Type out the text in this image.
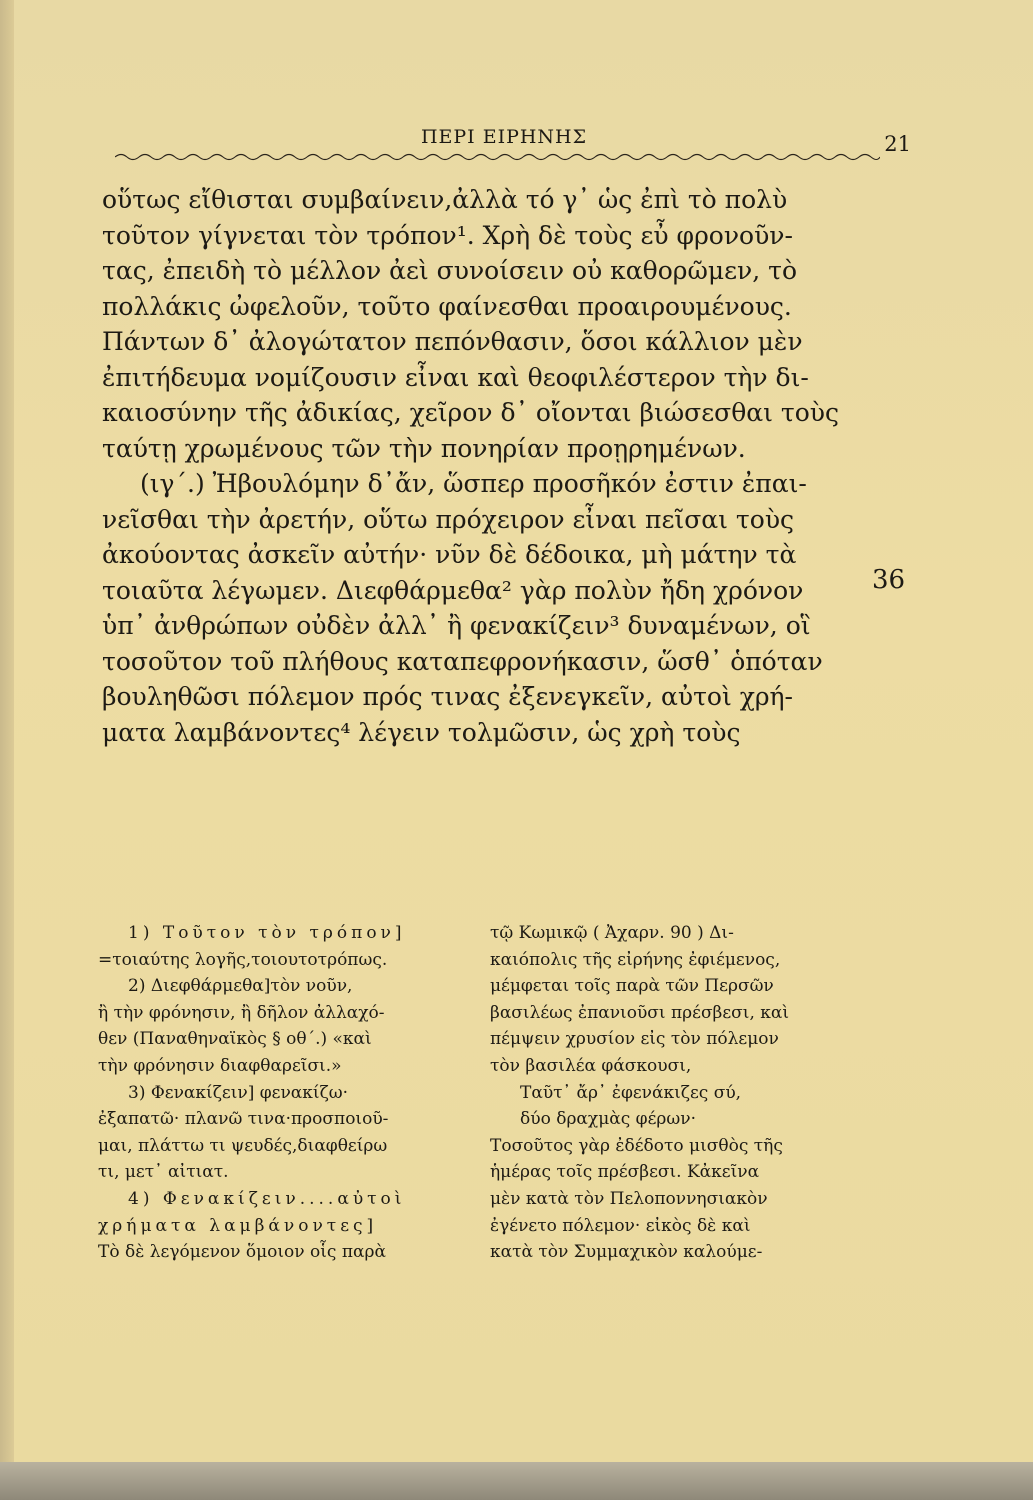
ΠΕΡΙ ΕΙΡΗΝΗΣ	21
οὕτως εἴθισται συμβαίνειν,ἀλλὰ τό γ᾿ ὡς ἐπὶ τὸ πολὺ
τοῦτον γίγνεται τὸν τρόπον¹. Χρὴ δὲ τοὺς εὖ φρονοῦν-
τας, ἐπειδὴ τὸ μέλλον ἀεὶ συνοίσειν οὐ καθορῶμεν, τὸ
πολλάκις ὠφελοῦν, τοῦτο φαίνεσθαι προαιρουμένους.
Πάντων δ᾿ ἀλογώτατον πεπόνθασιν, ὅσοι κάλλιον μὲν
ἐπιτήδευμα νομίζουσιν εἶναι καὶ θεοφιλέστερον τὴν δι-
καιοσύνην τῆς ἀδικίας, χεῖρον δ᾿ οἴονται βιώσεσθαι τοὺς
ταύτῃ χρωμένους τῶν τὴν πονηρίαν προῃρημένων.
(ιγ´.) Ἠβουλόμην δ᾿ἄν, ὥσπερ προσῆκόν ἐστιν ἐπαι-
νεῖσθαι τὴν ἀρετήν, οὕτω πρόχειρον εἶναι πεῖσαι τοὺς
ἀκούοντας ἀσκεῖν αὐτήν· νῦν δὲ δέδοικα, μὴ μάτην τὰ
τοιαῦτα λέγωμεν. Διεφθάρμεθα² γὰρ πολὺν ἤδη χρόνον
ὑπ᾿ ἀνθρώπων οὐδὲν ἀλλ᾿ ἢ φενακίζειν³ δυναμένων, οἳ
τοσοῦτον τοῦ πλήθους καταπεφρονήκασιν, ὥσθ᾿ ὁπόταν
βουληθῶσι πόλεμον πρός τινας ἐξενεγκεῖν, αὐτοὶ χρή-
ματα λαμβάνοντες⁴ λέγειν τολμῶσιν, ὡς χρὴ τοὺς
36
1) Τοῦτον τὸν τρόπον]
=τοιαύτης λογῆς,τοιουτοτρόπως.
2) Διεφθάρμεθα]τὸν νοῦν,
ἢ τὴν φρόνησιν, ἢ δῆλον ἀλλαχό-
θεν (Παναθηναϊκὸς § οθ´.) «καὶ
τὴν φρόνησιν διαφθαρεῖσι.»
3) Φενακίζειν] φενακίζω·
ἐξαπατῶ· πλανῶ τινα·προσποιοῦ-
μαι, πλάττω τι ψευδές,διαφθείρω
τι, μετ᾿ αἰτιατ.
4) Φενακίζειν....αὐτοὶ
χρήματα λαμβάνοντες]
Τὸ δὲ λεγόμενον ὅμοιον οἷς παρὰ
τῷ Κωμικῷ ( Ἀχαρν. 90 ) Δι-
καιόπολις τῆς εἰρήνης ἐφιέμενος,
μέμφεται τοῖς παρὰ τῶν Περσῶν
βασιλέως ἐπανιοῦσι πρέσβεσι, καὶ
πέμψειν χρυσίον εἰς τὸν πόλεμον
τὸν βασιλέα φάσκουσι,
Ταῦτ᾿ ἄρ᾿ ἐφενάκιζες σύ,
δύο δραχμὰς φέρων·
Τοσοῦτος γὰρ ἐδέδοτο μισθὸς τῆς
ἡμέρας τοῖς πρέσβεσι. Κἀκεῖνα
μὲν κατὰ τὸν Πελοποννησιακὸν
ἐγένετο πόλεμον· εἰκὸς δὲ καὶ
κατὰ τὸν Συμμαχικὸν καλούμε-
